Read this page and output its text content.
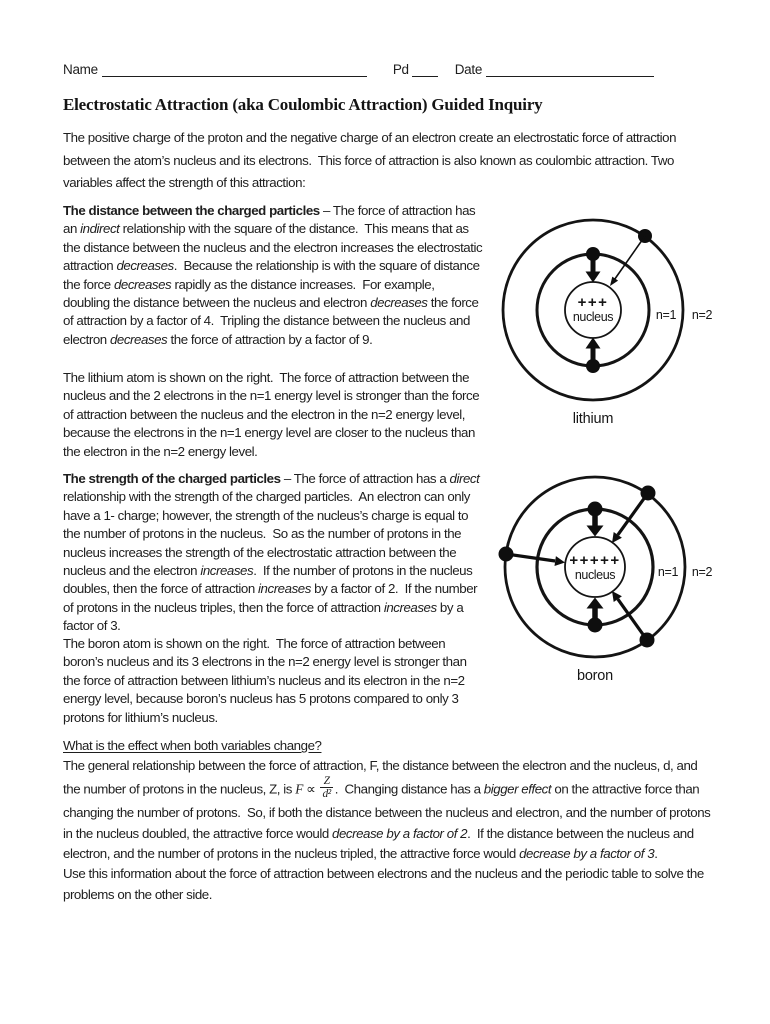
Name	Pd	Date
Electrostatic Attraction (aka Coulombic Attraction) Guided Inquiry

The positive charge of the proton and the negative charge of an electron create an electrostatic force of attraction between the atom’s nucleus and its electrons.  This force of attraction is also known as coulombic attraction. Two variables affect the strength of this attraction:

The distance between the charged particles – The force of attraction has an indirect relationship with the square of the distance.  This means that as the distance between the nucleus and the electron increases the electrostatic attraction decreases.  Because the relationship is with the square of distance the force decreases rapidly as the distance increases.  For example, doubling the distance between the nucleus and electron decreases the force of attraction by a factor of 4.  Tripling the distance between the nucleus and electron decreases the force of attraction by a factor of 9.

The lithium atom is shown on the right.  The force of attraction between the nucleus and the 2 electrons in the n=1 energy level is stronger than the force of attraction between the nucleus and the electron in the n=2 energy level, because the electrons in the n=1 energy level are closer to the nucleus than the electron in the n=2 energy level.

The strength of the charged particles – The force of attraction has a direct relationship with the strength of the charged particles.  An electron can only have a 1- charge; however, the strength of the nucleus’s charge is equal to the number of protons in the nucleus.  So as the number of protons in the nucleus increases the strength of the electrostatic attraction between the nucleus and the electron increases.  If the number of protons in the nucleus doubles, then the force of attraction increases by a factor of 2.  If the number of protons in the nucleus triples, then the force of attraction increases by a factor of 3.

The boron atom is shown on the right.  The force of attraction between boron’s nucleus and its 3 electrons in the n=2 energy level is stronger than the force of attraction between lithium’s nucleus and its electron in the n=2 energy level, because boron’s nucleus has 5 protons compared to only 3 protons for lithium’s nucleus.

+++
nucleus	n=1 n=2
lithium
+++++
nucleus	n=1 n=2
boron
What is the effect when both variables change?

The general relationship between the force of attraction, F, the distance between the electron and the nucleus, d, and the number of protons in the nucleus, Z, is $F \propto \frac{Z}{\text{d²}}$ .  Changing distance has a bigger effect on the attractive force than changing the number of protons.  So, if both the distance between the nucleus and electron, and the number of protons in the nucleus doubled, the attractive force would decrease by a factor of 2.  If the distance between the nucleus and electron, and the number of protons in the nucleus tripled, the attractive force would decrease by a factor of 3.

Use this information about the force of attraction between electrons and the nucleus and the periodic table to solve the problems on the other side.
